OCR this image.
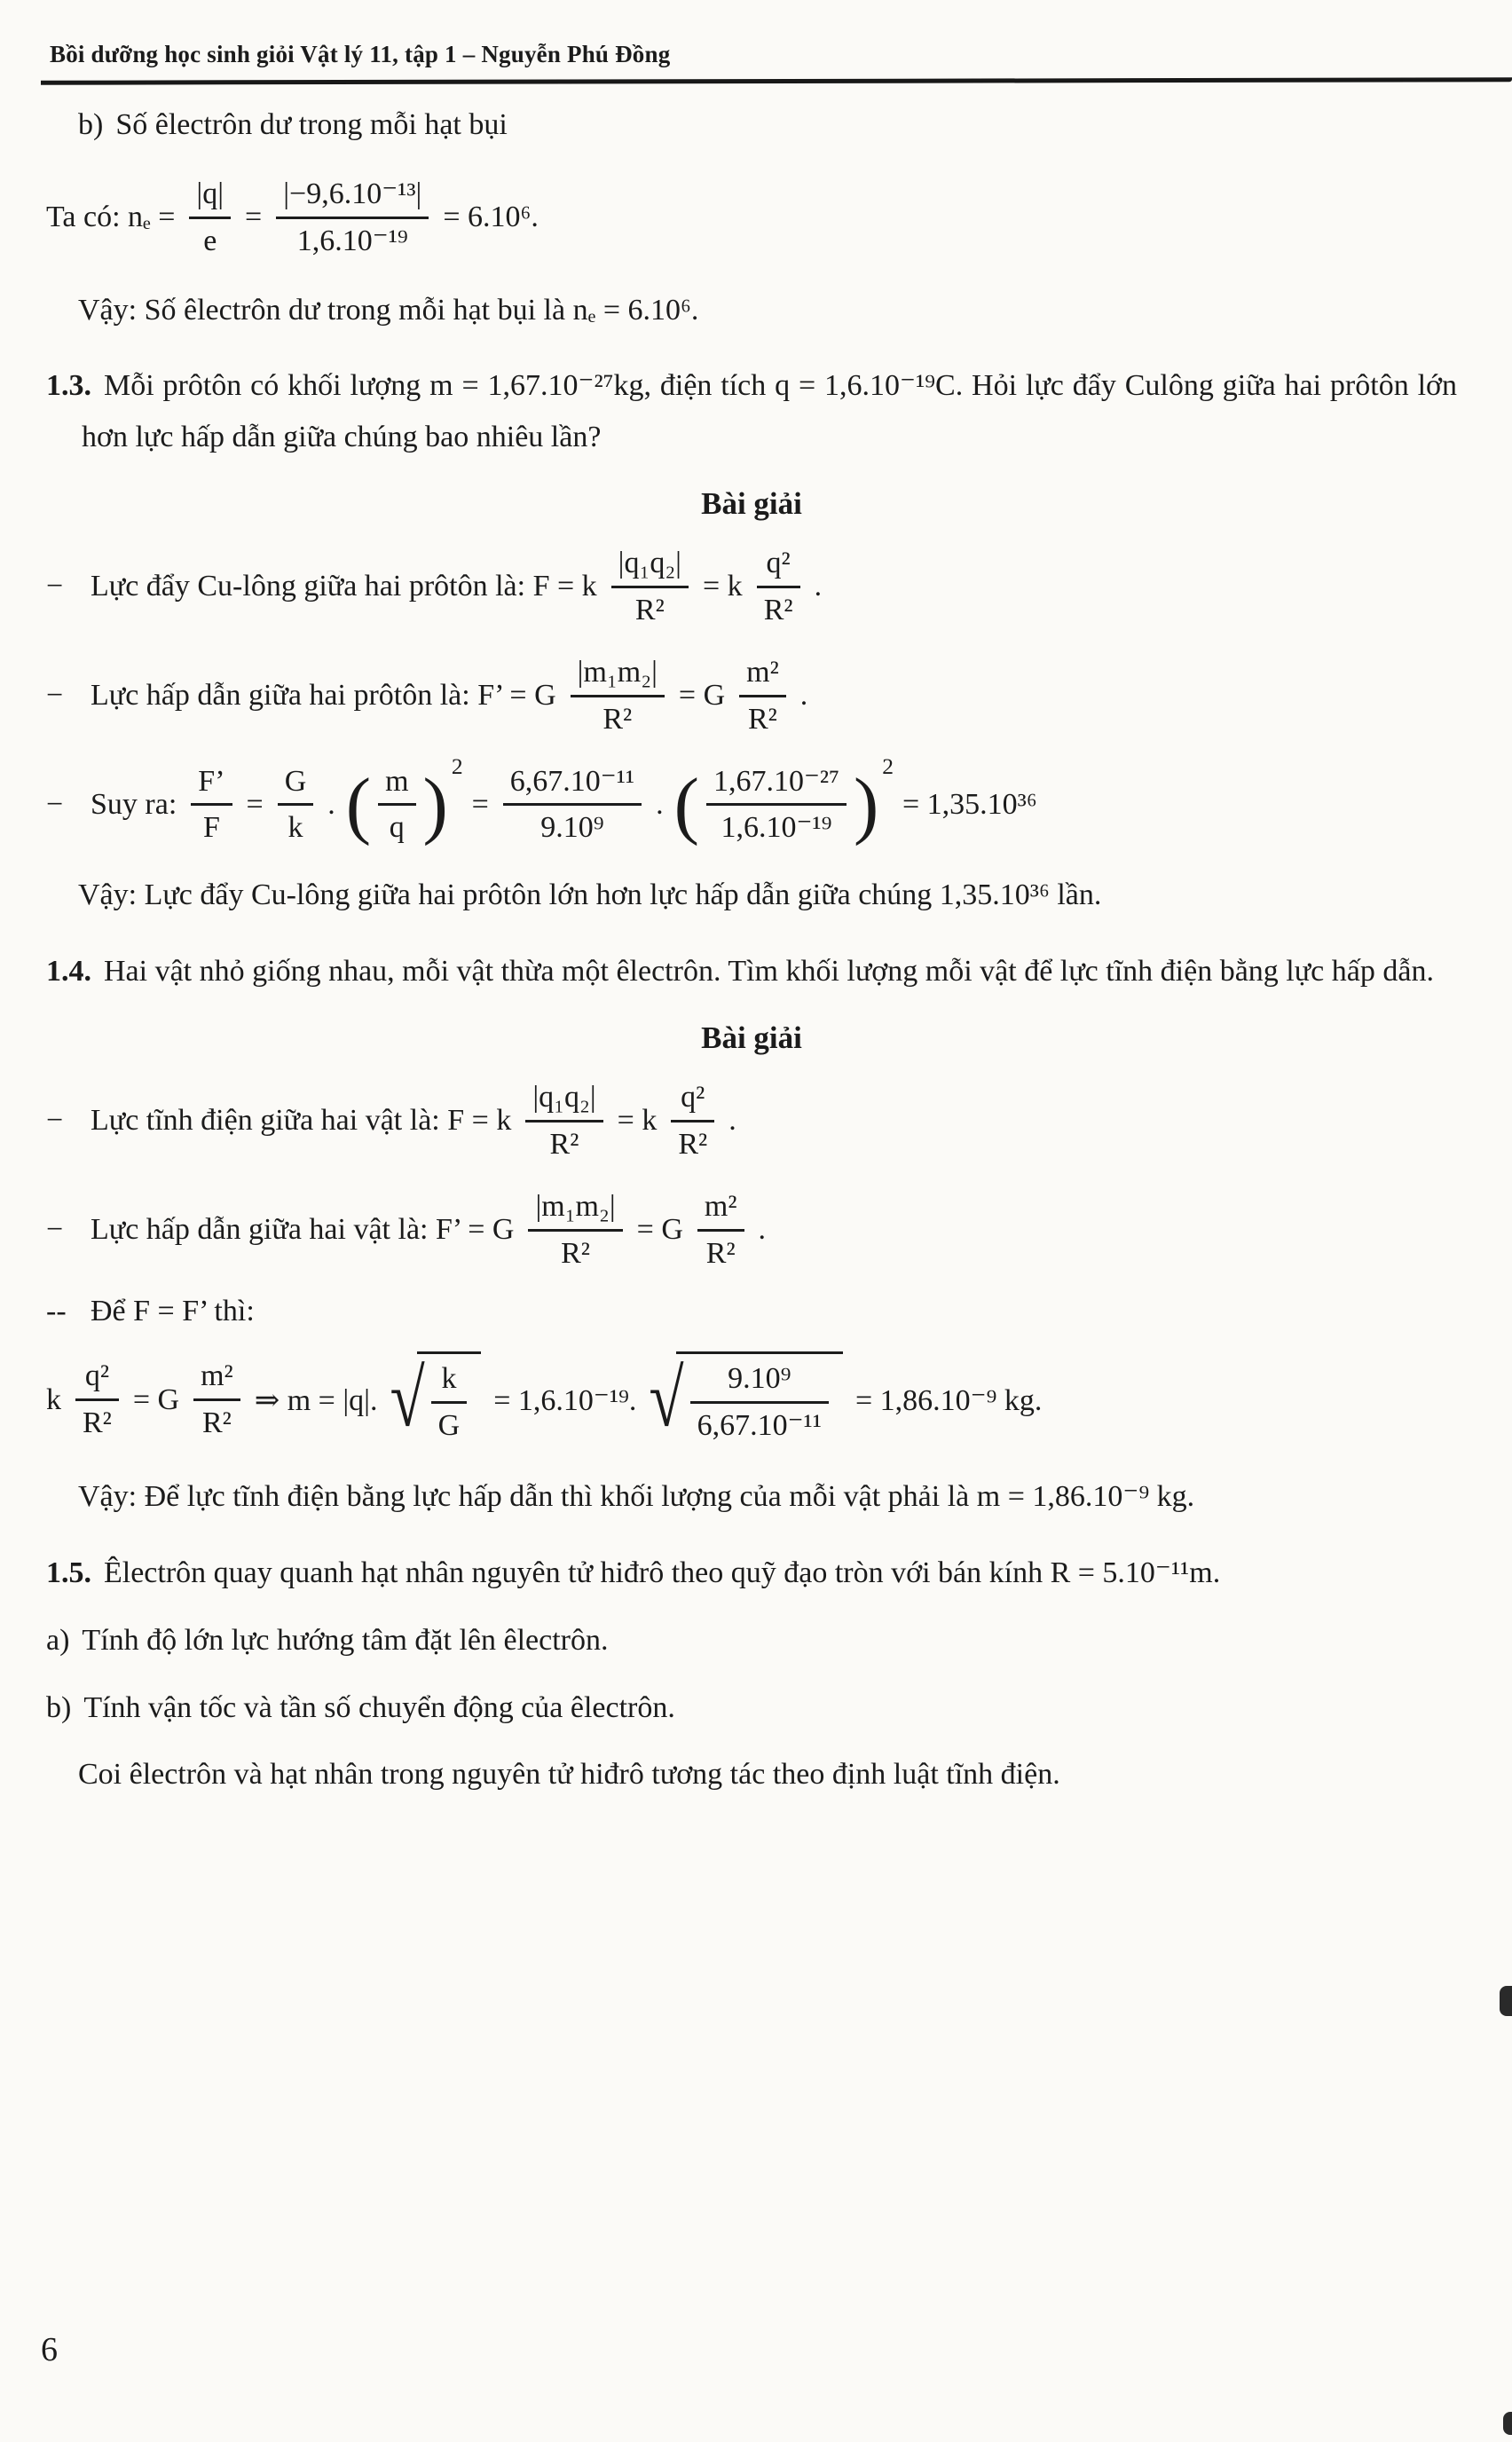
Bồi dưỡng học sinh giỏi Vật lý 11, tập 1 – Nguyễn Phú Đồng

b) Số êlectrôn dư trong mỗi hạt bụi

Ta có: $n_e = \frac{|q|}{e} = \frac{\text{|−9,6.10⁻¹³|}}{\text{1,6.10⁻¹⁹}} = 6.10^6$.

Vậy: Số êlectrôn dư trong mỗi hạt bụi là nₑ = 6.10⁶.

1.3. Mỗi prôtôn có khối lượng m = 1,67.10⁻²⁷kg, điện tích q = 1,6.10⁻¹⁹C. Hỏi lực đẩy Culông giữa hai prôtôn lớn hơn lực hấp dẫn giữa chúng bao nhiêu lần?

Bài giải
− Lực đẩy Cu-lông giữa hai prôtôn là: F = k $\frac{\text{|q₁q₂|}}{\text{R²}} = k \frac{\text{q²}}{\text{R²}}$ .
− Lực hấp dẫn giữa hai prôtôn là: F’ = G $\frac{\text{|m₁m₂|}}{\text{R²}} = G \frac{\text{m²}}{\text{R²}}$ .
− Suy ra: $\frac{F’}{F} = \frac{G}{k}$ . ( $\frac{m}{q}$ ) 2
= $\frac{\text{6,67.10⁻¹¹}}{\text{9.10⁹}}$ . ( $\frac{\text{1,67.10⁻²⁷}}{\text{1,6.10⁻¹⁹}}$ ) 2
= 1,35.10³⁶

Vậy: Lực đẩy Cu-lông giữa hai prôtôn lớn hơn lực hấp dẫn giữa chúng 1,35.10³⁶ lần.

1.4. Hai vật nhỏ giống nhau, mỗi vật thừa một êlectrôn. Tìm khối lượng mỗi vật để lực tĩnh điện bằng lực hấp dẫn.

Bài giải
− Lực tĩnh điện giữa hai vật là: F = k $\frac{\text{|q₁q₂|}}{\text{R²}} = k \frac{\text{q²}}{\text{R²}}$ .
− Lực hấp dẫn giữa hai vật là: F’ = G $\frac{\text{|m₁m₂|}}{\text{R²}} = G \frac{\text{m²}}{\text{R²}}$ .
-- Để F = F’ thì:
k $\frac{\text{q²}}{\text{R²}} = G \frac{\text{m²}}{\text{R²}}$ ⇒ m = |q|. √ $\frac{k}{G} = 1,6.10^{-19}$. √ $\frac{\text{9.10⁹}}{\text{6,67.10⁻¹¹}} = 1,86.10^{-9}$ kg.

Vậy: Để lực tĩnh điện bằng lực hấp dẫn thì khối lượng của mỗi vật phải là m = 1,86.10⁻⁹ kg.

1.5. Êlectrôn quay quanh hạt nhân nguyên tử hiđrô theo quỹ đạo tròn với bán kính R = 5.10⁻¹¹m.

a) Tính độ lớn lực hướng tâm đặt lên êlectrôn.

b) Tính vận tốc và tần số chuyển động của êlectrôn.

Coi êlectrôn và hạt nhân trong nguyên tử hiđrô tương tác theo định luật tĩnh điện.

6
